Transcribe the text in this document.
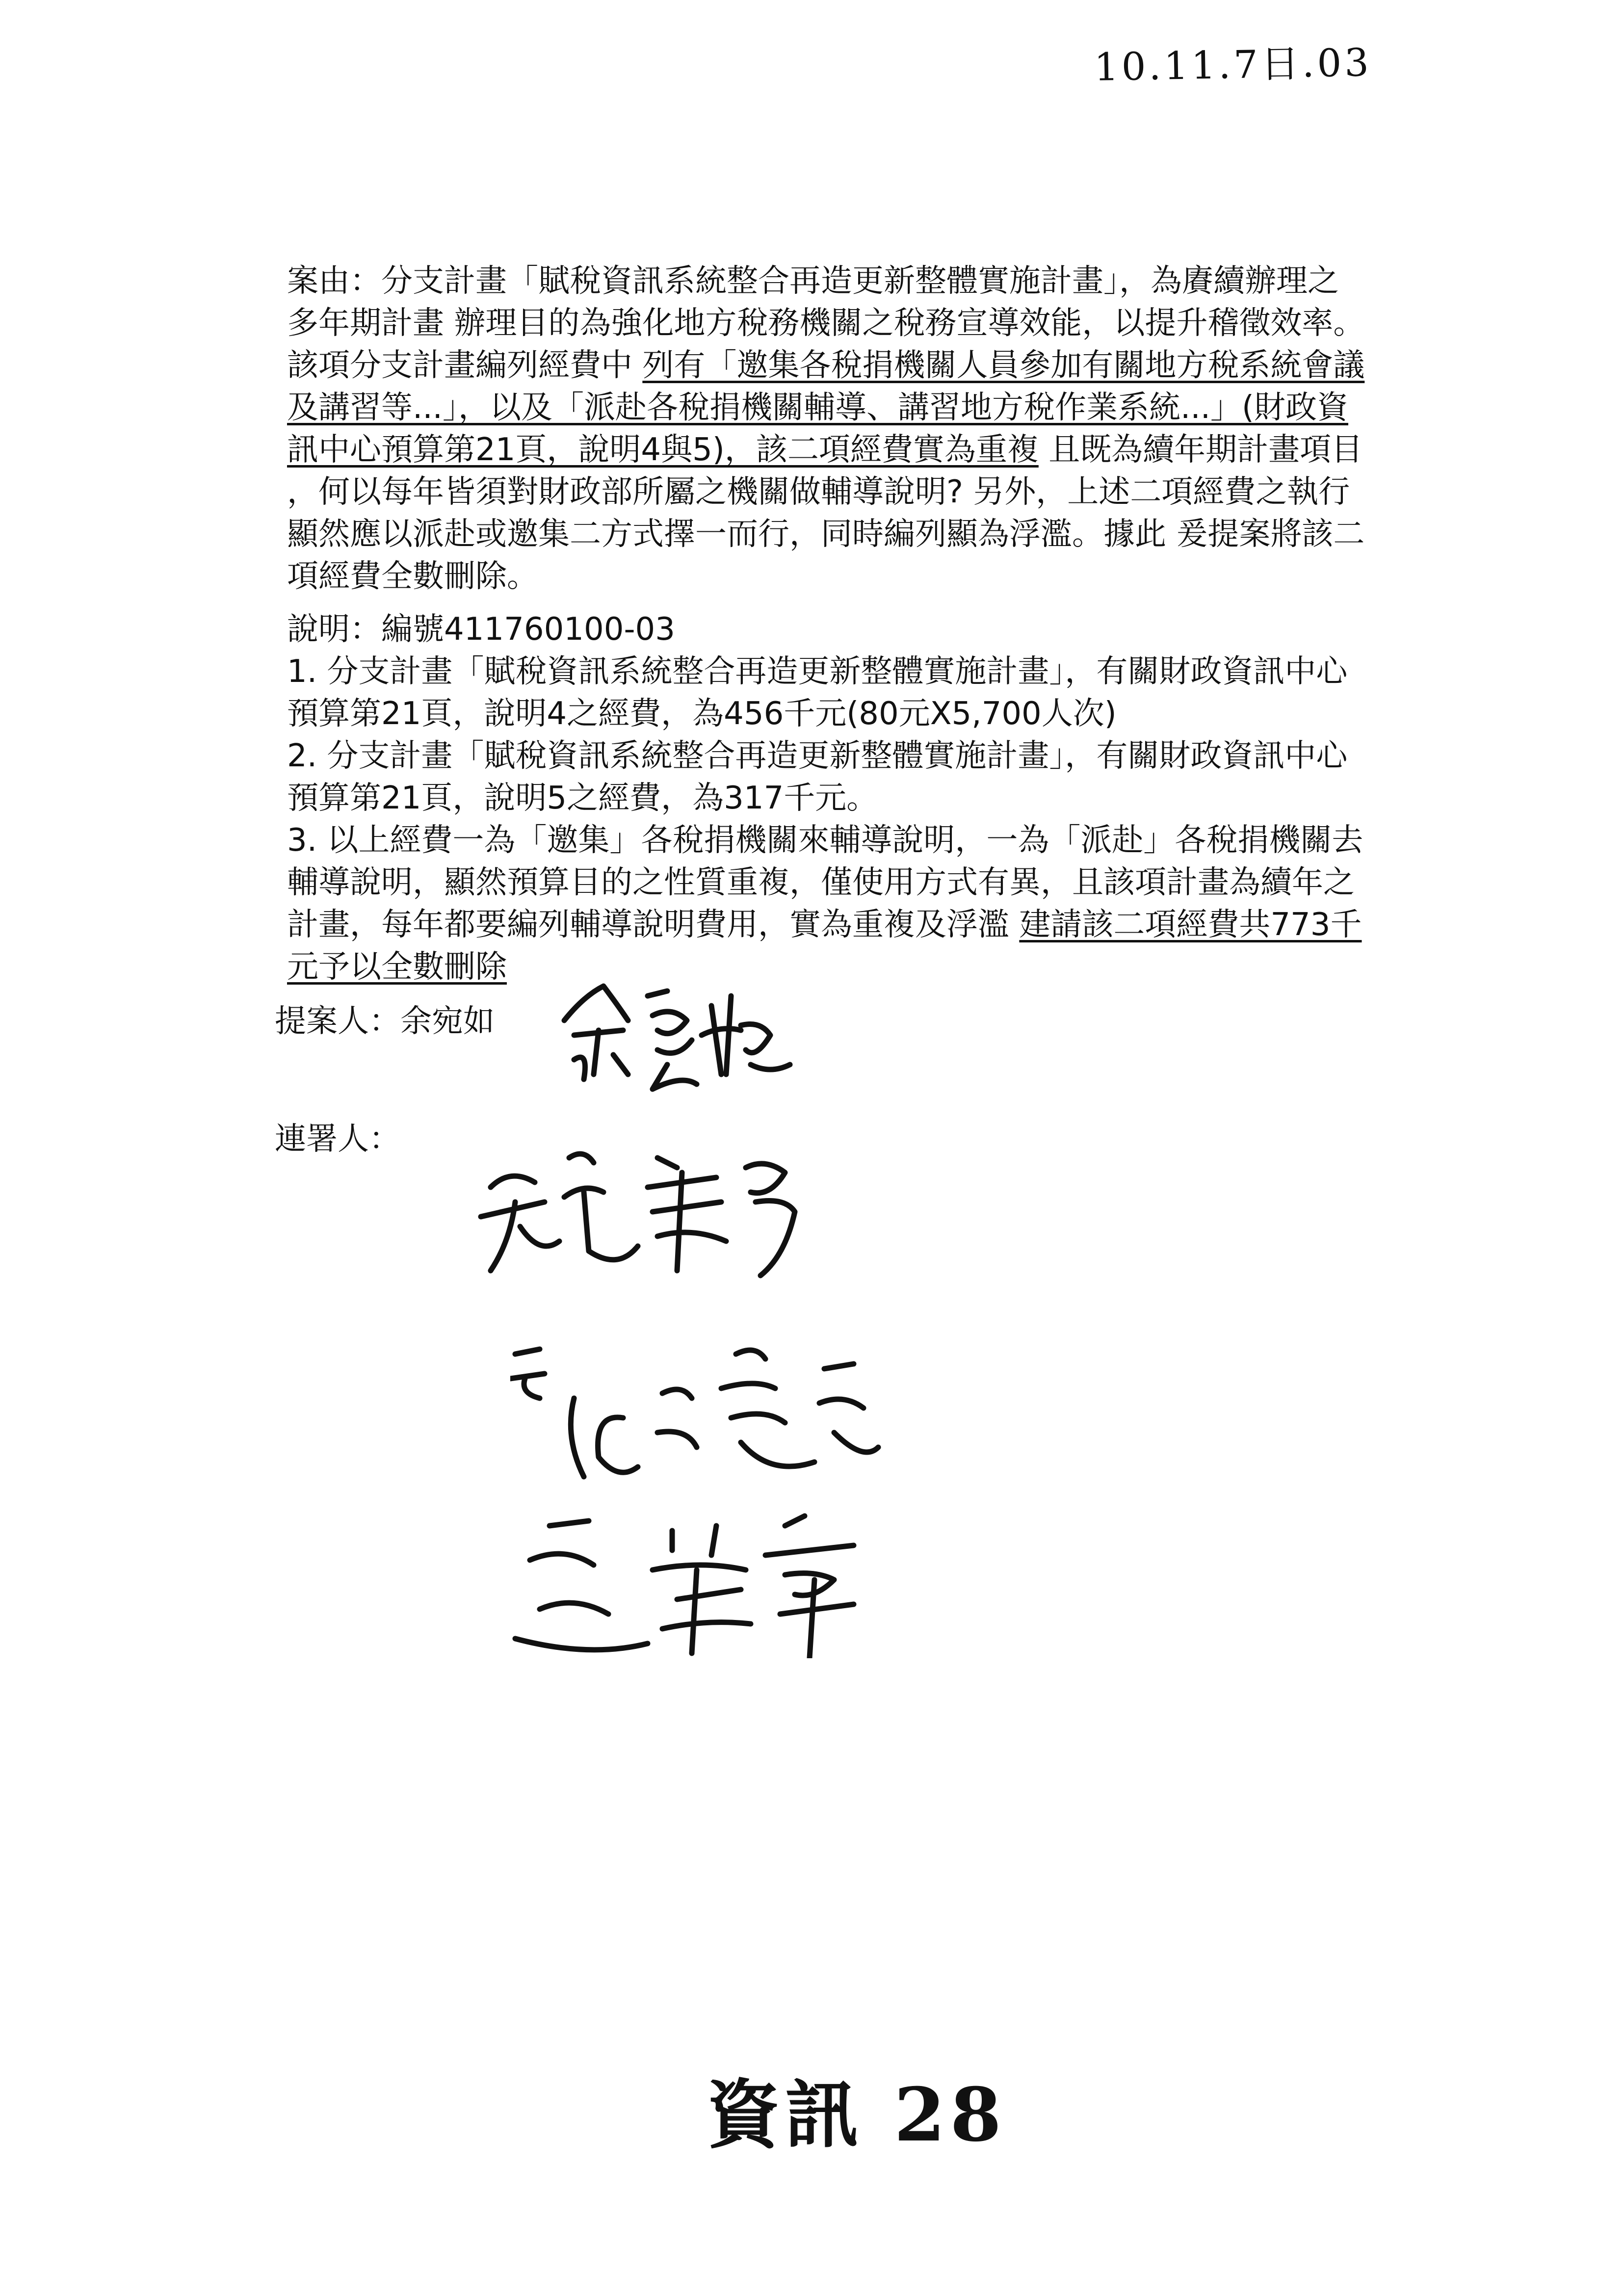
10.11.7日.03
案由：分支計畫「賦稅資訊系統整合再造更新整體實施計畫」，為賡續辦理之
多年期計畫 辦理目的為強化地方稅務機關之稅務宣導效能，以提升稽徵效率。
該項分支計畫編列經費中 列有「邀集各稅捐機關人員參加有關地方稅系統會議
及講習等...」，以及「派赴各稅捐機關輔導、講習地方稅作業系統...」(財政資
訊中心預算第21頁，說明4與5)，該二項經費實為重複 且既為續年期計畫項目
，何以每年皆須對財政部所屬之機關做輔導說明? 另外，上述二項經費之執行
顯然應以派赴或邀集二方式擇一而行，同時編列顯為浮濫。據此 爰提案將該二
項經費全數刪除。
說明：編號411760100-03
1. 分支計畫「賦稅資訊系統整合再造更新整體實施計畫」，有關財政資訊中心
預算第21頁，說明4之經費，為456千元(80元X5,700人次)
2. 分支計畫「賦稅資訊系統整合再造更新整體實施計畫」，有關財政資訊中心
預算第21頁，說明5之經費，為317千元。
3. 以上經費一為「邀集」各稅捐機關來輔導說明，一為「派赴」各稅捐機關去
輔導說明，顯然預算目的之性質重複，僅使用方式有異，且該項計畫為續年之
計畫，每年都要編列輔導說明費用，實為重複及浮濫 建請該二項經費共773千
元予以全數刪除
提案人：余宛如
連署人：
資訊 28
